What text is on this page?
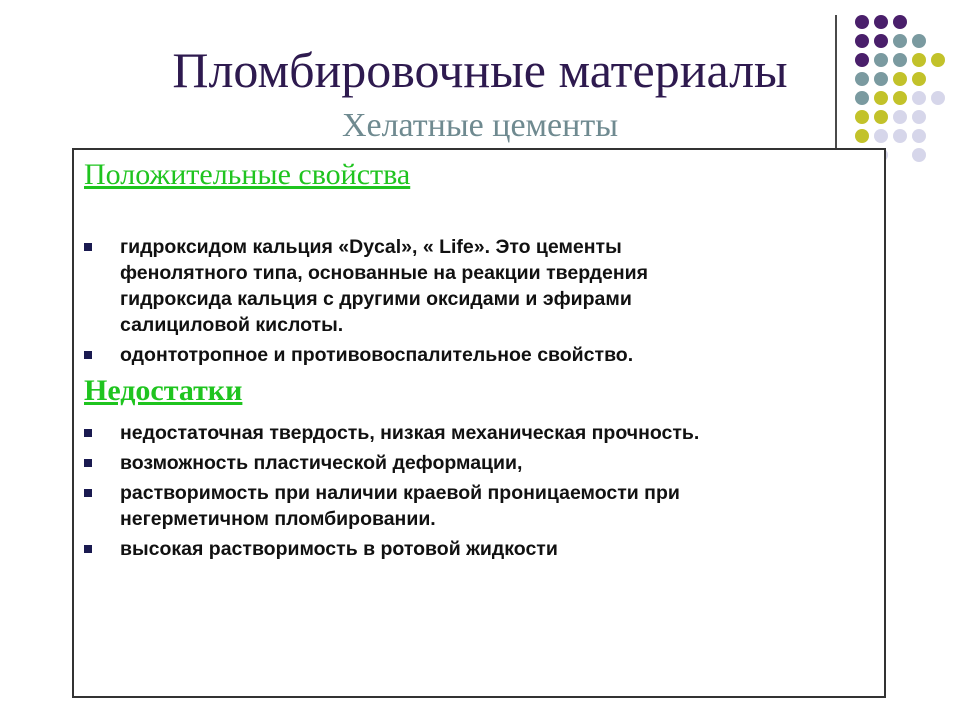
Пломбировочные материалы
Хелатные цементы
Положительные свойства
гидроксидом кальция «Dycal», « Life». Это цементы
фенолятного типа, основанные на реакции твердения
гидроксида кальция с другими оксидами и эфирами
салициловой кислоты.
одонтотропное и противовоспалительное свойство.
Недостатки
недостаточная твердость, низкая механическая прочность.
возможность пластической деформации,
растворимость при наличии краевой проницаемости при
негерметичном пломбировании.
высокая растворимость в ротовой жидкости
